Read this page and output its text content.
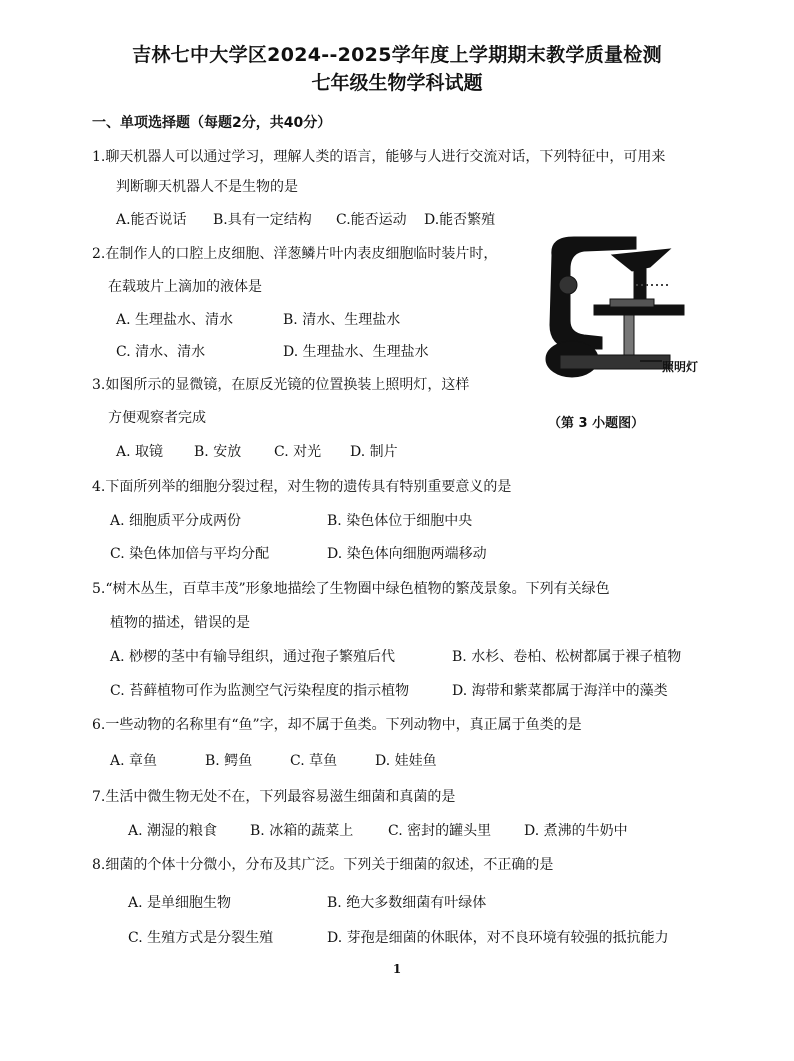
吉林七中大学区2024--2025学年度上学期期末教学质量检测
七年级生物学科试题
一、单项选择题（每题2分，共40分）
1.聊天机器人可以通过学习，理解人类的语言，能够与人进行交流对话，下列特征中，可用来
判断聊天机器人不是生物的是
A.能否说话 B.具有一定结构 C.能否运动 D.能否繁殖
2.在制作人的口腔上皮细胞、洋葱鳞片叶内表皮细胞临时装片时，
在载玻片上滴加的液体是
A. 生理盐水、清水	B. 清水、生理盐水
C. 清水、清水	D. 生理盐水、生理盐水
3.如图所示的显微镜，在原反光镜的位置换装上照明灯，这样
方便观察者完成
A. 取镜 B. 安放 C. 对光 D. 制片
照明灯
（第 3 小题图）
4.下面所列举的细胞分裂过程，对生物的遗传具有特别重要意义的是
A. 细胞质平分成两份	B. 染色体位于细胞中央
C. 染色体加倍与平均分配	D. 染色体向细胞两端移动
5.“树木丛生，百草丰茂”形象地描绘了生物圈中绿色植物的繁茂景象。下列有关绿色
植物的描述，错误的是
A. 桫椤的茎中有输导组织，通过孢子繁殖后代	B. 水杉、卷柏、松树都属于裸子植物
C. 苔藓植物可作为监测空气污染程度的指示植物	D. 海带和紫菜都属于海洋中的藻类
6.一些动物的名称里有“鱼”字，却不属于鱼类。下列动物中，真正属于鱼类的是
A. 章鱼	B. 鳄鱼	C. 草鱼	D. 娃娃鱼
7.生活中微生物无处不在，下列最容易滋生细菌和真菌的是
A. 潮湿的粮食 B. 冰箱的蔬菜上 C. 密封的罐头里 D. 煮沸的牛奶中
8.细菌的个体十分微小，分布及其广泛。下列关于细菌的叙述，不正确的是
A. 是单细胞生物	B. 绝大多数细菌有叶绿体
C. 生殖方式是分裂生殖	D. 芽孢是细菌的休眠体，对不良环境有较强的抵抗能力
1
